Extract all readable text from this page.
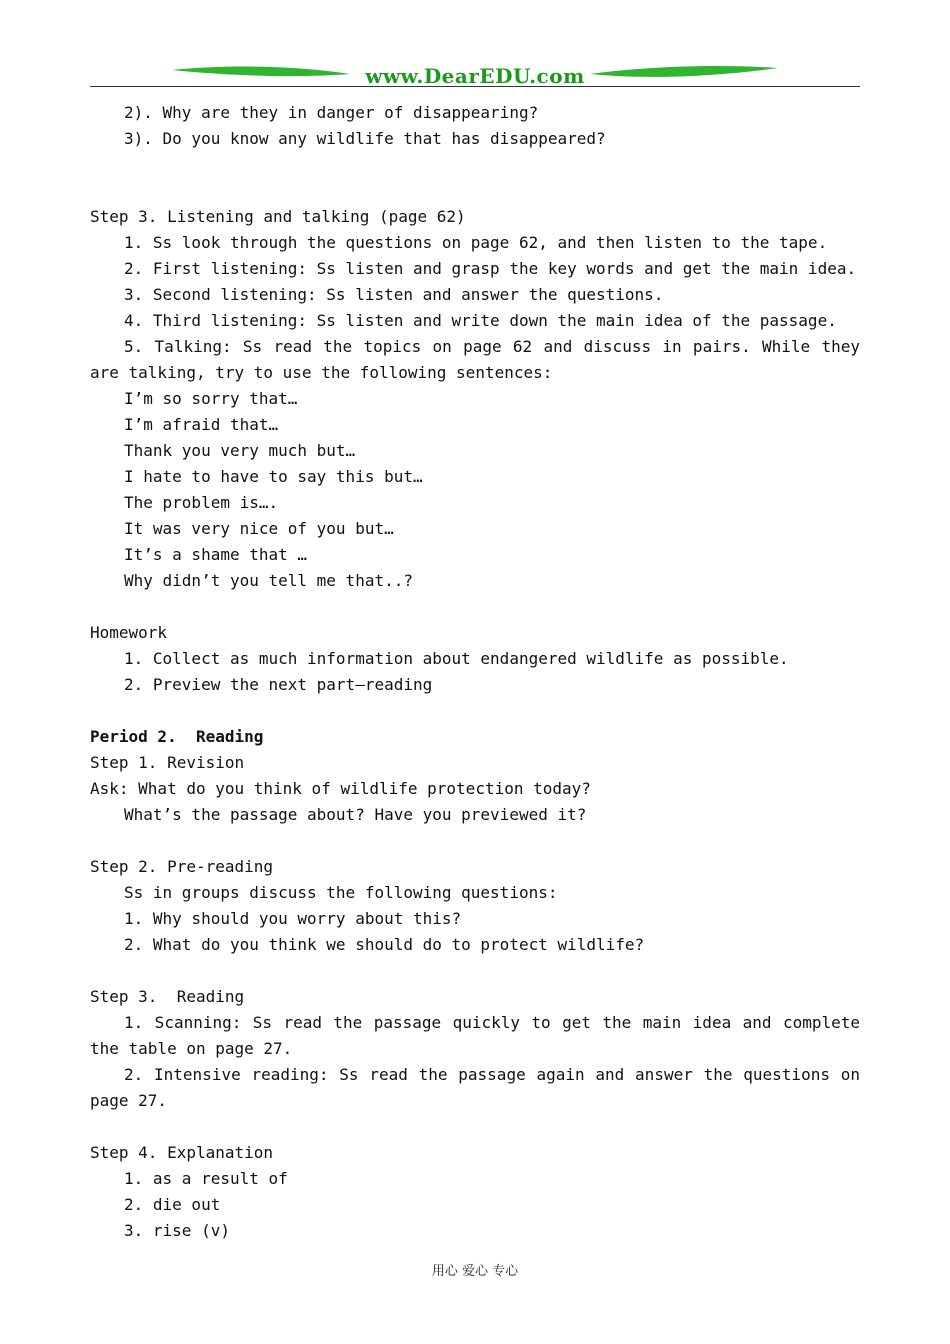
www.DearEDU.com
2). Why are they in danger of disappearing?
3). Do you know any wildlife that has disappeared?
Step 3. Listening and talking (page 62)
1. Ss look through the questions on page 62, and then listen to the tape.
2. First listening: Ss listen and grasp the key words and get the main idea.
3. Second listening: Ss listen and answer the questions.
4. Third listening: Ss listen and write down the main idea of the passage.
5. Talking: Ss read the topics on page 62 and discuss in pairs. While they
are talking, try to use the following sentences:
I’m so sorry that…
I’m afraid that…
Thank you very much but…
I hate to have to say this but…
The problem is….
It was very nice of you but…
It’s a shame that …
Why didn’t you tell me that..?
Homework
1. Collect as much information about endangered wildlife as possible.
2. Preview the next part—reading
Period 2.  Reading
Step 1. Revision
Ask: What do you think of wildlife protection today?
What’s the passage about? Have you previewed it?
Step 2. Pre-reading
Ss in groups discuss the following questions:
1. Why should you worry about this?
2. What do you think we should do to protect wildlife?
Step 3.  Reading
1. Scanning: Ss read the passage quickly to get the main idea and complete
the table on page 27.
2. Intensive reading: Ss read the passage again and answer the questions on
page 27.
Step 4. Explanation
1. as a result of
2. die out
3. rise (v)
用心 爱心 专心
